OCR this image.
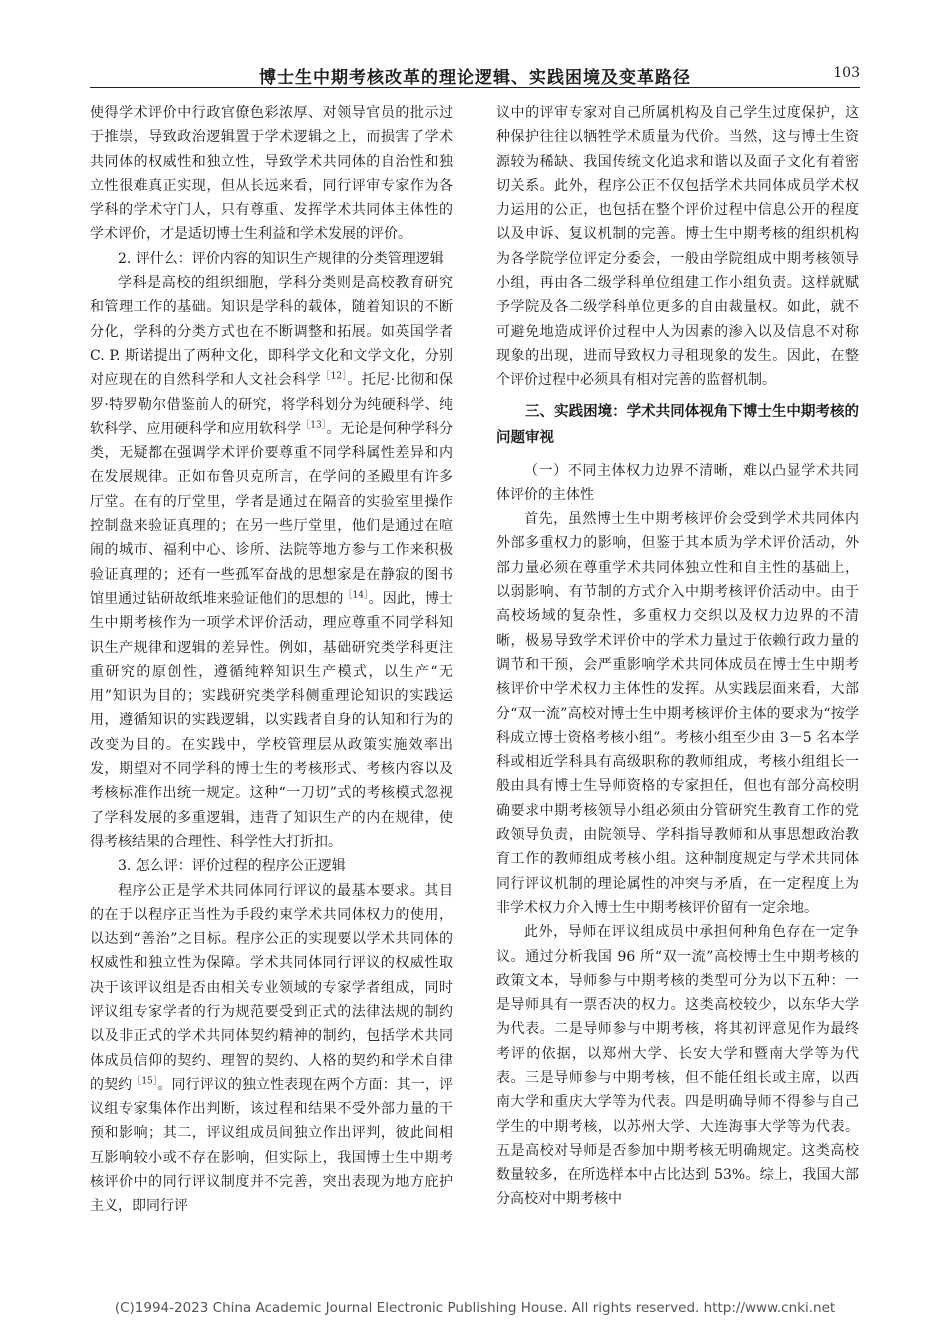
博士生中期考核改革的理论逻辑、实践困境及变革路径	103

使得学术评价中行政官僚色彩浓厚、对领导官员的批示过于推崇，导致政治逻辑置于学术逻辑之上，而损害了学术共同体的权威性和独立性，导致学术共同体的自治性和独立性很难真正实现，但从长远来看，同行评审专家作为各学科的学术守门人，只有尊重、发挥学术共同体主体性的学术评价，才是适切博士生利益和学术发展的评价。

2. 评什么：评价内容的知识生产规律的分类管理逻辑

学科是高校的组织细胞，学科分类则是高校教育研究和管理工作的基础。知识是学科的载体，随着知识的不断分化，学科的分类方式也在不断调整和拓展。如英国学者 C. P. 斯诺提出了两种文化，即科学文化和文学文化，分别对应现在的自然科学和人文社会科学$^{[12]}$。托尼·比彻和保罗·特罗勒尔借鉴前人的研究，将学科划分为纯硬科学、纯软科学、应用硬科学和应用软科学$^{[13]}$。无论是何种学科分类，无疑都在强调学术评价要尊重不同学科属性差异和内在发展规律。正如布鲁贝克所言，在学问的圣殿里有许多厅堂。在有的厅堂里，学者是通过在隔音的实验室里操作控制盘来验证真理的；在另一些厅堂里，他们是通过在喧闹的城市、福利中心、诊所、法院等地方参与工作来积极验证真理的；还有一些孤军奋战的思想家是在静寂的图书馆里通过钻研故纸堆来验证他们的思想的$^{[14]}$。因此，博士生中期考核作为一项学术评价活动，理应尊重不同学科知识生产规律和逻辑的差异性。例如，基础研究类学科更注重研究的原创性，遵循纯粹知识生产模式，以生产“无用”知识为目的；实践研究类学科侧重理论知识的实践运用，遵循知识的实践逻辑，以实践者自身的认知和行为的改变为目的。在实践中，学校管理层从政策实施效率出发，期望对不同学科的博士生的考核形式、考核内容以及考核标准作出统一规定。这种“一刀切”式的考核模式忽视了学科发展的多重逻辑，违背了知识生产的内在规律，使得考核结果的合理性、科学性大打折扣。

3. 怎么评：评价过程的程序公正逻辑

程序公正是学术共同体同行评议的最基本要求。其目的在于以程序正当性为手段约束学术共同体权力的使用，以达到“善治”之目标。程序公正的实现要以学术共同体的权威性和独立性为保障。学术共同体同行评议的权威性取决于该评议组是否由相关专业领域的专家学者组成，同时评议组专家学者的行为规范要受到正式的法律法规的制约以及非正式的学术共同体契约精神的制约，包括学术共同体成员信仰的契约、理智的契约、人格的契约和学术自律的契约$^{[15]}$。同行评议的独立性表现在两个方面：其一，评议组专家集体作出判断，该过程和结果不受外部力量的干预和影响；其二，评议组成员间独立作出评判，彼此间相互影响较小或不存在影响，但实际上，我国博士生中期考核评价中的同行评议制度并不完善，突出表现为地方庇护主义，即同行评

议中的评审专家对自己所属机构及自己学生过度保护，这种保护往往以牺牲学术质量为代价。当然，这与博士生资源较为稀缺、我国传统文化追求和谐以及面子文化有着密切关系。此外，程序公正不仅包括学术共同体成员学术权力运用的公正，也包括在整个评价过程中信息公开的程度以及申诉、复议机制的完善。博士生中期考核的组织机构为各学院学位评定分委会，一般由学院组成中期考核领导小组，再由各二级学科单位组建工作小组负责。这样就赋予学院及各二级学科单位更多的自由裁量权。如此，就不可避免地造成评价过程中人为因素的渗入以及信息不对称现象的出现，进而导致权力寻租现象的发生。因此，在整个评价过程中必须具有相对完善的监督机制。

三、实践困境：学术共同体视角下博士生中期考核的问题审视

（一）不同主体权力边界不清晰，难以凸显学术共同体评价的主体性

首先，虽然博士生中期考核评价会受到学术共同体内外部多重权力的影响，但鉴于其本质为学术评价活动，外部力量必须在尊重学术共同体独立性和自主性的基础上，以弱影响、有节制的方式介入中期考核评价活动中。由于高校场域的复杂性，多重权力交织以及权力边界的不清晰，极易导致学术评价中的学术力量过于依赖行政力量的调节和干预，会严重影响学术共同体成员在博士生中期考核评价中学术权力主体性的发挥。从实践层面来看，大部分“双一流”高校对博士生中期考核评价主体的要求为“按学科成立博士资格考核小组”。考核小组至少由 3－5 名本学科或相近学科具有高级职称的教师组成，考核小组组长一般由具有博士生导师资格的专家担任，但也有部分高校明确要求中期考核领导小组必须由分管研究生教育工作的党政领导负责，由院领导、学科指导教师和从事思想政治教育工作的教师组成考核小组。这种制度规定与学术共同体同行评议机制的理论属性的冲突与矛盾，在一定程度上为非学术权力介入博士生中期考核评价留有一定余地。

此外，导师在评议组成员中承担何种角色存在一定争议。通过分析我国 96 所“双一流”高校博士生中期考核的政策文本，导师参与中期考核的类型可分为以下五种：一是导师具有一票否决的权力。这类高校较少，以东华大学为代表。二是导师参与中期考核，将其初评意见作为最终考评的依据，以郑州大学、长安大学和暨南大学等为代表。三是导师参与中期考核，但不能任组长或主席，以西南大学和重庆大学等为代表。四是明确导师不得参与自己学生的中期考核，以苏州大学、大连海事大学等为代表。五是高校对导师是否参加中期考核无明确规定。这类高校数量较多，在所选样本中占比达到 53%。综上，我国大部分高校对中期考核中

(C)1994-2023 China Academic Journal Electronic Publishing House. All rights reserved. http://www.cnki.net
